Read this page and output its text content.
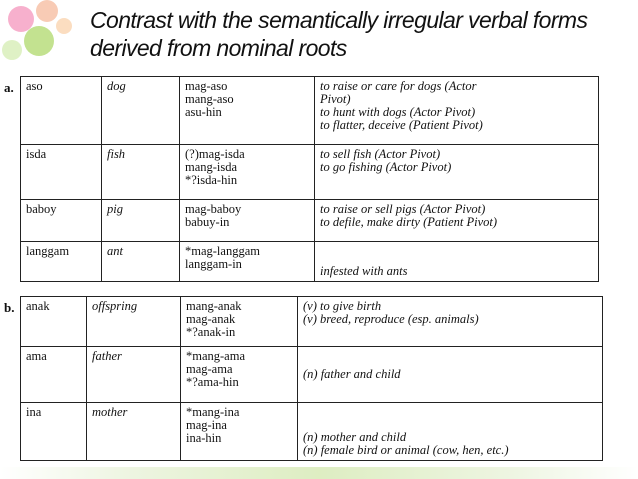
Contrast with the semantically irregular verbal forms
derived from nominal roots
a. aso	dog	mag-aso
mang-aso
asu-hin	to raise or care for dogs (Actor
Pivot)
to hunt with dogs (Actor Pivot)
to flatter, deceive (Patient Pivot)

isda	fish	(?)mag-isda
mang-isda
*?isda-hin	to sell fish (Actor Pivot)
to go fishing (Actor Pivot)

baboy	pig	mag-baboy
babuy-in	to raise or sell pigs (Actor Pivot)
to defile, make dirty (Patient Pivot)

langgam	ant	*mag-langgam
langgam-in	infested with ants
b. anak	offspring	mang-anak
mag-anak
*?anak-in	(v) to give birth
(v) breed, reproduce (esp. animals)

ama	father	*mang-ama
mag-ama
*?ama-hin	(n) father and child

ina	mother	*mang-ina
mag-ina
ina-hin	(n) mother and child
(n) female bird or animal (cow, hen, etc.)
